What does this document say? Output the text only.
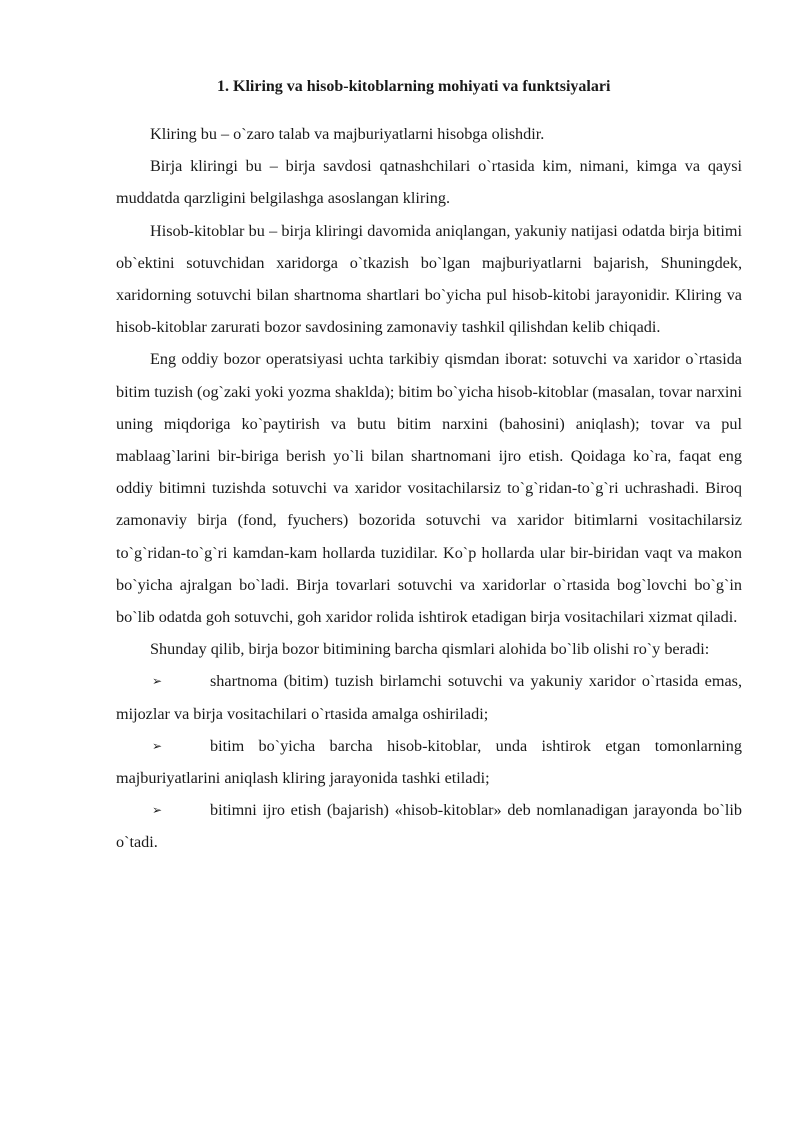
1. Kliring va hisob-kitoblarning mohiyati va funktsiyalari

Kliring bu – o`zaro talab va majburiyatlarni hisobga olishdir.

Birja kliringi bu – birja savdosi qatnashchilari o`rtasida kim, nimani, kimga va qaysi muddatda qarzligini belgilashga asoslangan kliring.

Hisob-kitoblar bu – birja kliringi davomida aniqlangan, yakuniy natijasi odatda birja bitimi ob`ektini sotuvchidan xaridorga o`tkazish bo`lgan majburiyatlarni bajarish, Shuningdek, xaridorning sotuvchi bilan shartnoma shartlari bo`yicha pul hisob-kitobi jarayonidir. Kliring va hisob-kitoblar zarurati bozor savdosining zamonaviy tashkil qilishdan kelib chiqadi.

Eng oddiy bozor operatsiyasi uchta tarkibiy qismdan iborat: sotuvchi va xaridor o`rtasida bitim tuzish (og`zaki yoki yozma shaklda); bitim bo`yicha hisob-kitoblar (masalan, tovar narxini uning miqdoriga ko`paytirish va butu bitim narxini (bahosini) aniqlash); tovar va pul mablaag`larini bir-biriga berish yo`li bilan shartnomani ijro etish. Qoidaga ko`ra, faqat eng oddiy bitimni tuzishda sotuvchi va xaridor vositachilarsiz to`g`ridan-to`g`ri uchrashadi. Biroq zamonaviy birja (fond, fyuchers) bozorida sotuvchi va xaridor bitimlarni vositachilarsiz to`g`ridan-to`g`ri kamdan-kam hollarda tuzidilar. Ko`p hollarda ular bir-biridan vaqt va makon bo`yicha ajralgan bo`ladi. Birja tovarlari sotuvchi va xaridorlar o`rtasida bog`lovchi bo`g`in bo`lib odatda goh sotuvchi, goh xaridor rolida ishtirok etadigan birja vositachilari xizmat qiladi.

Shunday qilib, birja bozor bitimining barcha qismlari alohida bo`lib olishi ro`y beradi:

➢	shartnoma (bitim) tuzish birlamchi sotuvchi va yakuniy xaridor o`rtasida emas, mijozlar va birja vositachilari o`rtasida amalga oshiriladi;

➢	bitim bo`yicha barcha hisob-kitoblar, unda ishtirok etgan tomonlarning majburiyatlarini aniqlash kliring jarayonida tashki etiladi;

➢	bitimni ijro etish (bajarish) «hisob-kitoblar» deb nomlanadigan jarayonda bo`lib o`tadi.
